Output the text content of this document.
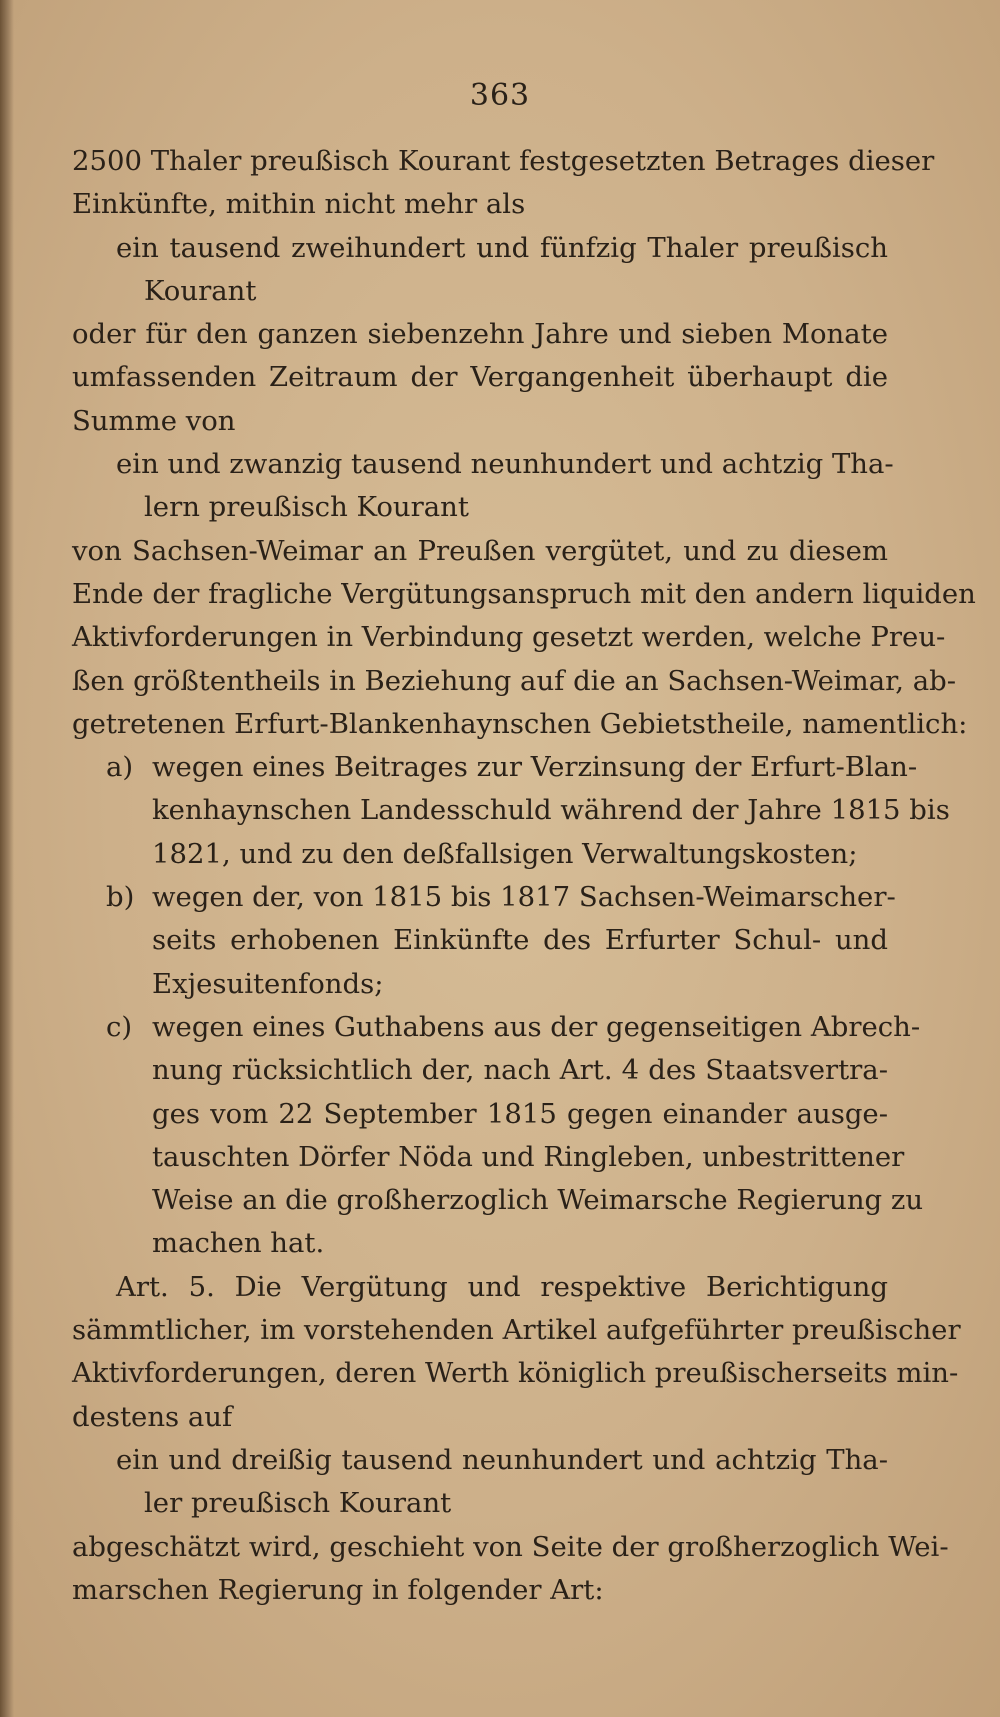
363
2500 Thaler preußisch Kourant festgesetzten Betrages dieser
Einkünfte, mithin nicht mehr als
ein tausend zweihundert und fünfzig Thaler preußisch
Kourant
oder für den ganzen siebenzehn Jahre und sieben Monate
umfassenden Zeitraum der Vergangenheit überhaupt die
Summe von
ein und zwanzig tausend neunhundert und achtzig Tha-
lern preußisch Kourant
von Sachsen-Weimar an Preußen vergütet, und zu diesem
Ende der fragliche Vergütungsanspruch mit den andern liquiden
Aktivforderungen in Verbindung gesetzt werden, welche Preu-
ßen größtentheils in Beziehung auf die an Sachsen-Weimar, ab-
getretenen Erfurt-Blankenhaynschen Gebietstheile, namentlich:
a) wegen eines Beitrages zur Verzinsung der Erfurt-Blan-
kenhaynschen Landesschuld während der Jahre 1815 bis
1821, und zu den deßfallsigen Verwaltungskosten;
b) wegen der, von 1815 bis 1817 Sachsen-Weimarscher-
seits erhobenen Einkünfte des Erfurter Schul- und
Exjesuitenfonds;
c) wegen eines Guthabens aus der gegenseitigen Abrech-
nung rücksichtlich der, nach Art. 4 des Staatsvertra-
ges vom 22 September 1815 gegen einander ausge-
tauschten Dörfer Nöda und Ringleben, unbestrittener
Weise an die großherzoglich Weimarsche Regierung zu
machen hat.
Art. 5. Die Vergütung und respektive Berichtigung
sämmtlicher, im vorstehenden Artikel aufgeführter preußischer
Aktivforderungen, deren Werth königlich preußischerseits min-
destens auf
ein und dreißig tausend neunhundert und achtzig Tha-
ler preußisch Kourant
abgeschätzt wird, geschieht von Seite der großherzoglich Wei-
marschen Regierung in folgender Art:
